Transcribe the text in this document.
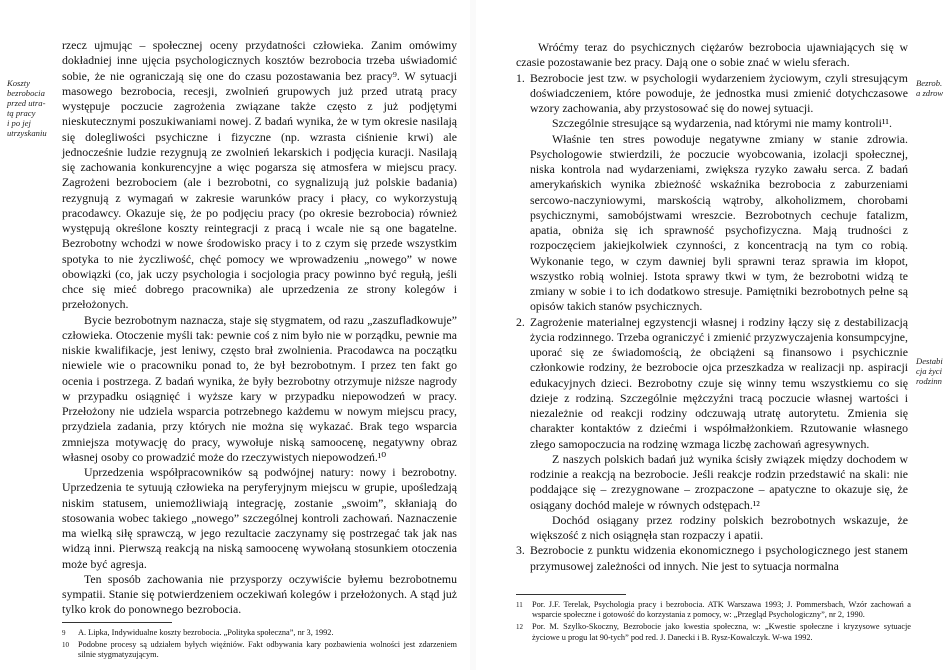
Koszty
bezrobocia
przed utra-
tą pracy
i po jej
utrzyskaniu

rzecz ujmując – społecznej oceny przydatności człowieka. Zanim omówimy dokładniej inne ujęcia psychologicznych kosztów bezrobocia trzeba uświadomić sobie, że nie ograniczają się one do czasu pozostawania bez pracy⁹. W sytuacji masowego bezrobocia, recesji, zwolnień grupowych już przed utratą pracy występuje poczucie zagrożenia związane także często z już podjętymi nieskutecznymi poszukiwaniami nowej. Z badań wynika, że w tym okresie nasilają się dolegliwości psychiczne i fizyczne (np. wzrasta ciśnienie krwi) ale jednocześnie ludzie rezygnują ze zwolnień lekarskich i podjęcia kuracji. Nasilają się zachowania konkurencyjne a więc pogarsza się atmosfera w miejscu pracy. Zagrożeni bezrobociem (ale i bezrobotni, co sygnalizują już polskie badania) rezygnują z wymagań w zakresie warunków pracy i płacy, co wykorzystują pracodawcy. Okazuje się, że po podjęciu pracy (po okresie bezrobocia) również występują określone koszty reintegracji z pracą i wcale nie są one bagatelne. Bezrobotny wchodzi w nowe środowisko pracy i to z czym się przede wszystkim spotyka to nie życzliwość, chęć pomocy we wprowadzeniu „nowego” w nowe obowiązki (co, jak uczy psychologia i socjologia pracy powinno być regułą, jeśli chce się mieć dobrego pracownika) ale uprzedzenia ze strony kolegów i przełożonych.

Bycie bezrobotnym naznacza, staje się stygmatem, od razu „zaszufladkowuje” człowieka. Otoczenie myśli tak: pewnie coś z nim było nie w porządku, pewnie ma niskie kwalifikacje, jest leniwy, często brał zwolnienia. Pracodawca na początku niewiele wie o pracowniku ponad to, że był bezrobotnym. I przez ten fakt go ocenia i postrzega. Z badań wynika, że były bezrobotny otrzymuje niższe nagrody w przypadku osiągnięć i wyższe kary w przypadku niepowodzeń w pracy. Przełożony nie udziela wsparcia potrzebnego każdemu w nowym miejscu pracy, przydziela zadania, przy których nie można się wykazać. Brak tego wsparcia zmniejsza motywację do pracy, wywołuje niską samoocenę, negatywny obraz własnej osoby co prowadzić może do rzeczywistych niepowodzeń.¹⁰

Uprzedzenia współpracowników są podwójnej natury: nowy i bezrobotny. Uprzedzenia te sytuują człowieka na peryferyjnym miejscu w grupie, upośledzają niskim statusem, uniemożliwiają integrację, zostanie „swoim”, skłaniają do stosowania wobec takiego „nowego” szczególnej kontroli zachowań. Naznaczenie ma wielką siłę sprawczą, w jego rezultacie zaczynamy się postrzegać tak jak nas widzą inni. Pierwszą reakcją na niską samoocenę wywołaną stosunkiem otoczenia może być agresja.

Ten sposób zachowania nie przysporzy oczywiście byłemu bezrobotnemu sympatii. Stanie się potwierdzeniem oczekiwań kolegów i przełożonych. A stąd już tylko krok do ponownego bezrobocia.

9	A. Lipka, Indywidualne koszty bezrobocia. „Polityka społeczna”, nr 3, 1992.
10	Podobne procesy są udziałem byłych więźniów. Fakt odbywania kary pozbawienia wolności jest zdarzeniem silnie stygmatyzującym.
Bezrob.
a zdrow
Destabi
cja życi
rodzinn

Wróćmy teraz do psychicznych ciężarów bezrobocia ujawniających się w czasie pozostawanie bez pracy. Dają one o sobie znać w wielu sferach.

1. Bezrobocie jest tzw. w psychologii wydarzeniem życiowym, czyli stresującym doświadczeniem, które powoduje, że jednostka musi zmienić dotychczasowe wzory zachowania, aby przystosować się do nowej sytuacji.

Szczególnie stresujące są wydarzenia, nad którymi nie mamy kontroli¹¹.

Właśnie ten stres powoduje negatywne zmiany w stanie zdrowia. Psychologowie stwierdzili, że poczucie wyobcowania, izolacji społecznej, niska kontrola nad wydarzeniami, zwiększa ryzyko zawału serca. Z badań amerykańskich wynika zbieżność wskaźnika bezrobocia z zaburzeniami sercowo-naczyniowymi, marskością wątroby, alkoholizmem, chorobami psychicznymi, samobójstwami wreszcie. Bezrobotnych cechuje fatalizm, apatia, obniża się ich sprawność psychofizyczna. Mają trudności z rozpoczęciem jakiejkolwiek czynności, z koncentracją na tym co robią. Wykonanie tego, w czym dawniej byli sprawni teraz sprawia im kłopot, wszystko robią wolniej. Istota sprawy tkwi w tym, że bezrobotni widzą te zmiany w sobie i to ich dodatkowo stresuje. Pamiętniki bezrobotnych pełne są opisów takich stanów psychicznych.

2. Zagrożenie materialnej egzystencji własnej i rodziny łączy się z destabilizacją życia rodzinnego. Trzeba ograniczyć i zmienić przyzwyczajenia konsumpcyjne, uporać się ze świadomością, że obciążeni są finansowo i psychicznie członkowie rodziny, że bezrobocie ojca przeszkadza w realizacji np. aspiracji edukacyjnych dzieci. Bezrobotny czuje się winny temu wszystkiemu co się dzieje z rodziną. Szczególnie mężczyźni tracą poczucie własnej wartości i niezależnie od reakcji rodziny odczuwają utratę autorytetu. Zmienia się charakter kontaktów z dziećmi i współmałżonkiem. Rzutowanie własnego złego samopoczucia na rodzinę wzmaga liczbę zachowań agresywnych.

Z naszych polskich badań już wynika ścisły związek między dochodem w rodzinie a reakcją na bezrobocie. Jeśli reakcje rodzin przedstawić na skali: nie poddające się – zrezygnowane – zrozpaczone – apatyczne to okazuje się, że osiągany dochód maleje w równych odstępach.¹²

Dochód osiągany przez rodziny polskich bezrobotnych wskazuje, że większość z nich osiągnęła stan rozpaczy i apatii.

3. Bezrobocie z punktu widzenia ekonomicznego i psychologicznego jest stanem przymusowej zależności od innych. Nie jest to sytuacja normalna

11	Por. J.F. Terelak, Psychologia pracy i bezrobocia. ATK Warszawa 1993; J. Pommersbach, Wzór zachowań a wsparcie społeczne i gotowość do korzystania z pomocy, w: „Przegląd Psychologiczny”, nr 2, 1990.
12	Por. M. Szylko-Skoczny, Bezrobocie jako kwestia społeczna, w: „Kwestie społeczne i kryzysowe sytuacje życiowe u progu lat 90-tych” pod red. J. Danecki i B. Rysz-Kowalczyk. W-wa 1992.
